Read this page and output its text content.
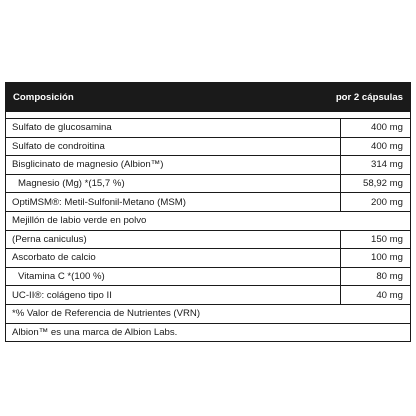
Composición	por 2 cápsulas
Sulfato de glucosamina	400 mg
Sulfato de condroitina	400 mg
Bisglicinato de magnesio (Albion™)	314 mg
Magnesio (Mg) *(15,7 %)	58,92 mg
OptiMSM®: Metil-Sulfonil-Metano (MSM)	200 mg
Mejillón de labio verde en polvo
(Perna caniculus)	150 mg
Ascorbato de calcio	100 mg
Vitamina C *(100 %)	80 mg
UC-II®: colágeno tipo II	40 mg
*% Valor de Referencia de Nutrientes (VRN)
Albion™ es una marca de Albion Labs.
